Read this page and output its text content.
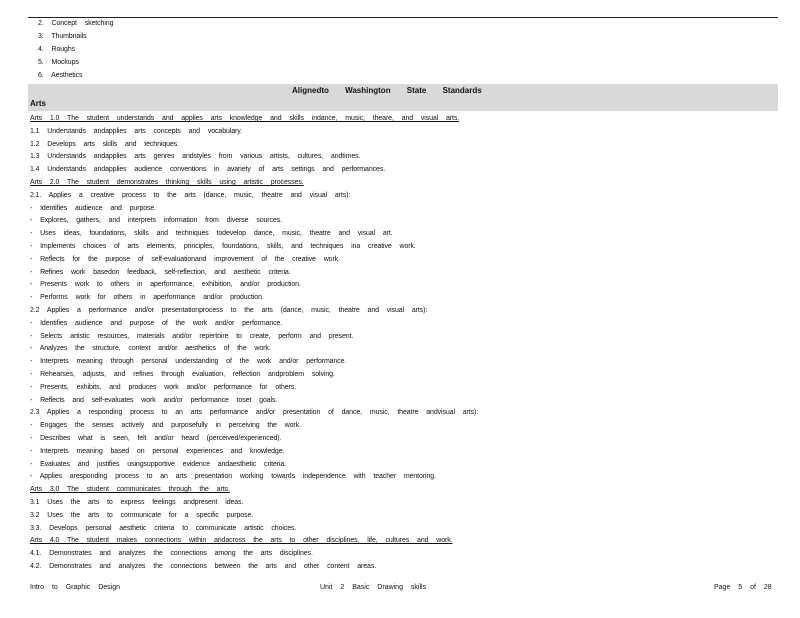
2. Concept sketching
3. Thumbnails
4. Roughs
5. Mockups
6. Aesthetics
Alignedto Washington State Standards
Arts
Arts 1.0 The student understands and applies arts knowledge and skills indance, music, theare, and visual arts.
1.1 Understands andapplies arts concepts and vocabulary.
1.2 Develops arts skills and techniques.
1.3 Understands andapplies arts genres andstyles from various artists, cultures, andtimes.
1.4 Understands andapplies audience conventions in avariety of arts settings and performances.
Arts 2.0 The student demonstrates thinking skills using artistic processes.
2.1. Applies a creative process to the arts (dance, music, theatre and visual arts):
- Identifies audience and purpose.
- Explores, gathers, and interprets information from diverse sources.
- Uses ideas, foundations, skills and techniques todevelop dance, music, theatre and visual art.
- Implements choices of arts elements, principles, foundations, skills, and techniques ina creative work.
- Reflects for the purpose of self-evaluationand improvement of the creative work.
- Refines work basedon feedback, self-reflection, and aesthetic criteria.
- Presents work to others in aperformance, exhibition, and/or production.
- Performs work for others in aperformance and/or production.
2.2 Applies a performance and/or presentationprocess to the arts (dance, music, theatre and visual arts):
- Identifies audience and purpose of the work and/or performance.
- Selects artistic resources, materials and/or repertoire to create, perform and present.
- Analyzes the structure, context and/or aesthetics of the work.
- Interprets meaning through personal understanding of the work and/or performance.
- Rehearses, adjusts, and refines through evaluation, reflection andproblem solving.
- Presents, exhibits, and produces work and/or performance for others.
- Reflects and self-evaluates work and/or performance toset goals.
2.3 Applies a responding process to an arts performance and/or presentation of dance, music, theatre andvisual arts):
- Engages the senses actively and purposefully in perceiving the work.
- Describes what is seen, felt and/or heard (perceived/experienced).
- Interprets meaning based on personal experiences and knowledge.
- Evaluates and justifies usingsupportive evidence andaesthetic criteria.
- Applies aresponding process to an arts presentation working towards independence with teacher mentoring.
Arts 3.0 The student communicates through the arts.
3.1 Uses the arts to express feelings andpresent ideas.
3.2 Uses the arts to communicate for a specific purpose.
3.3. Develops personal aesthetic criteria to communicate artistic choices.
Arts 4.0 The student makes connections within andacross the arts to other disciplines, life, cultures and work.
4.1. Demonstrates and analyzes the connections among the arts disciplines.
4.2. Demonstrates and analyzes the connections between the arts and other content areas.
Intro to Graphic Design	Unit 2 Basic Drawing skills	Page 5 of 28
